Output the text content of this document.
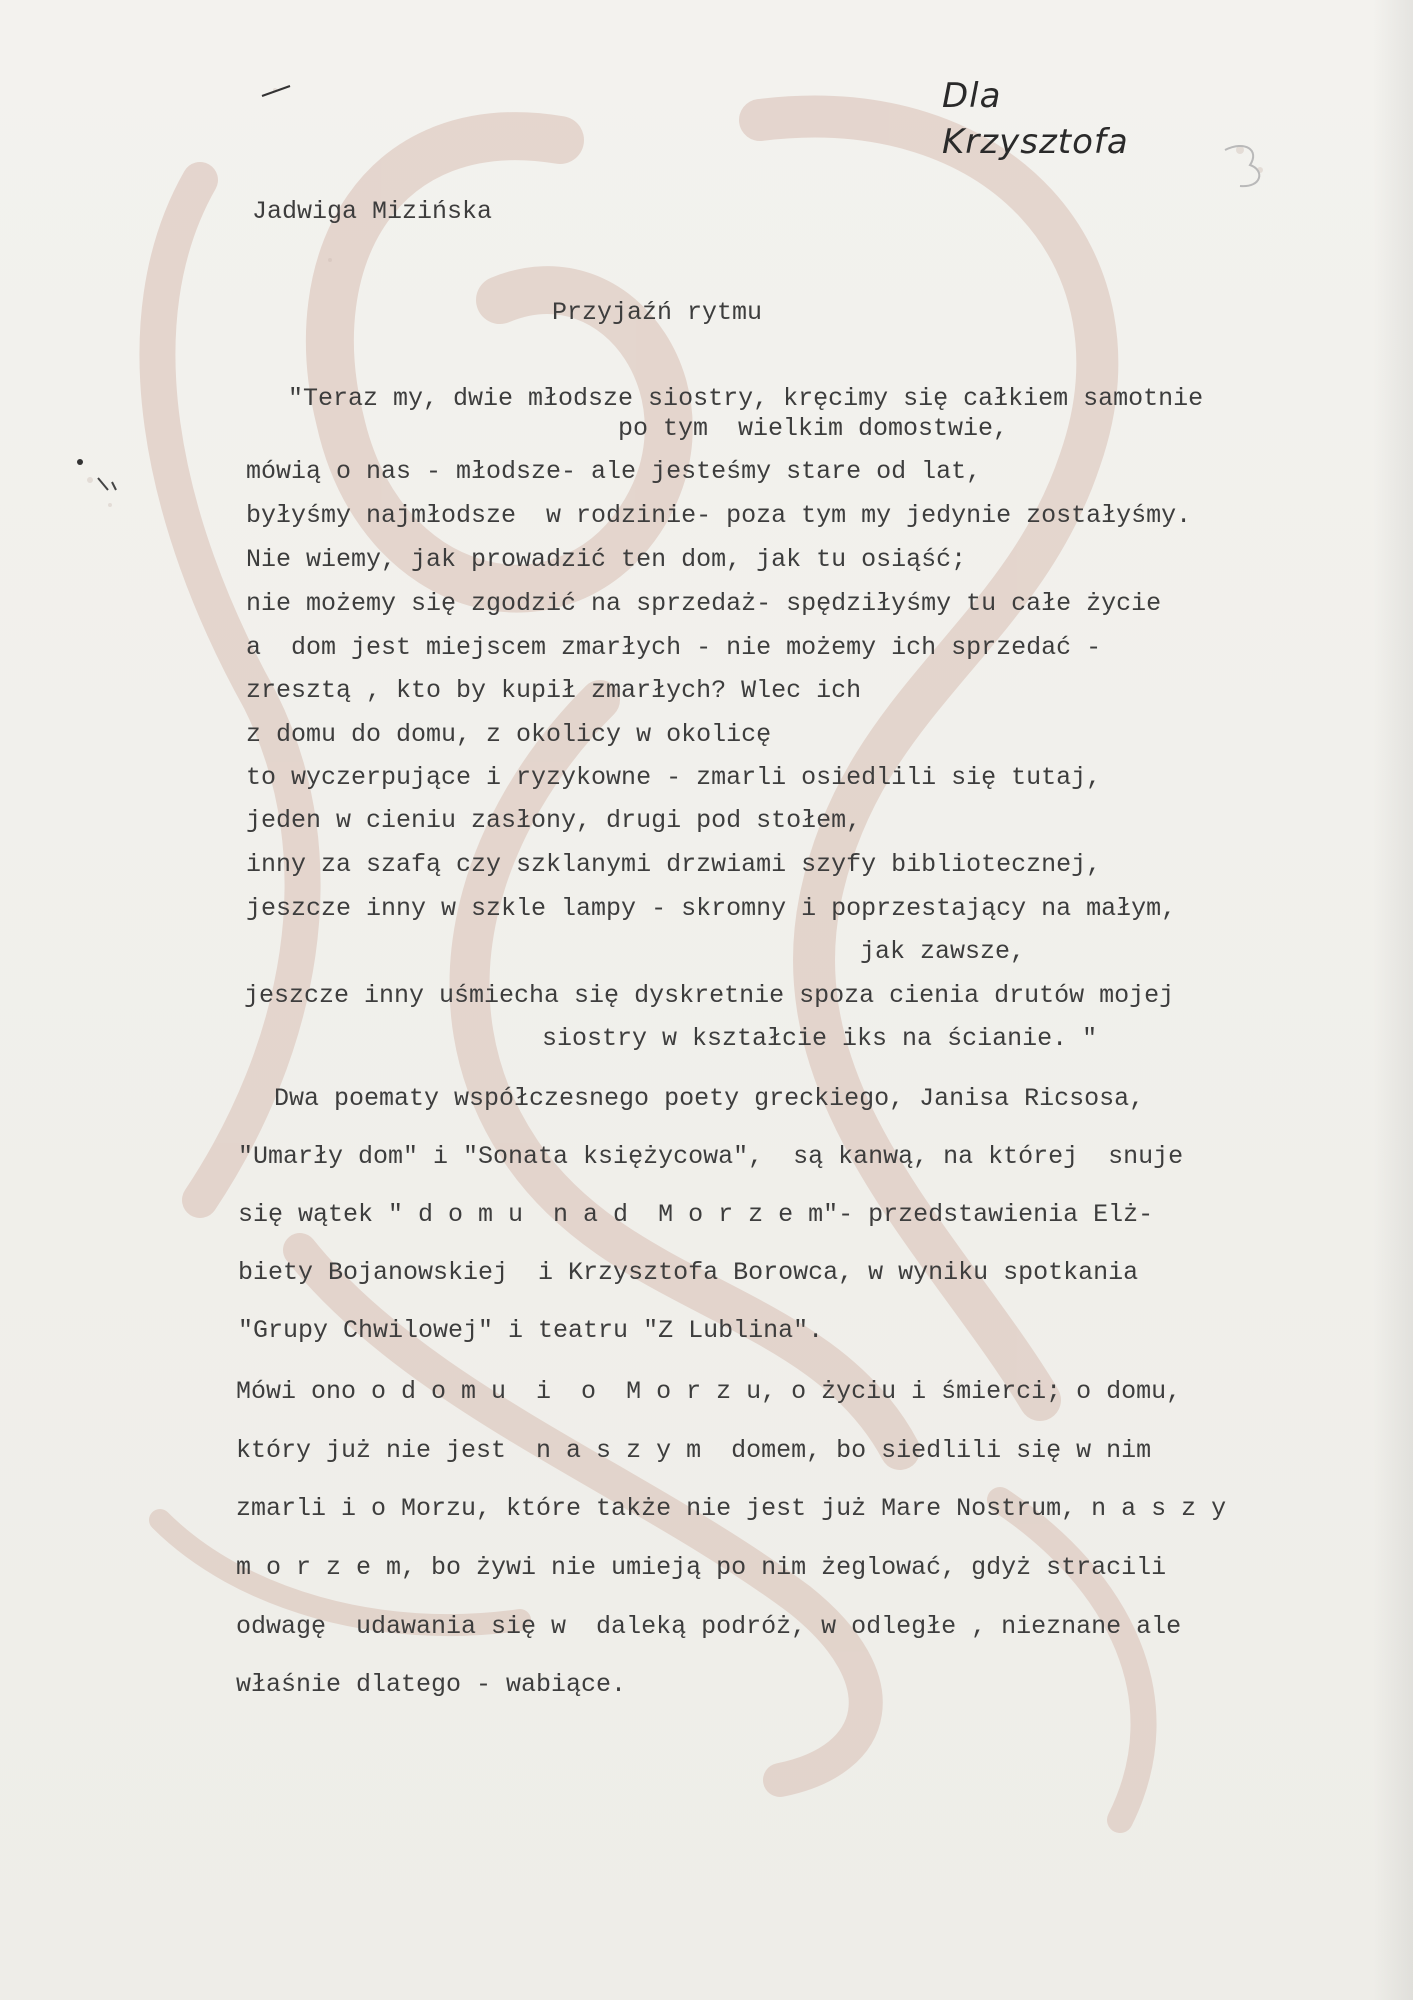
Dla
Krzysztofa
Jadwiga Mizińska
Przyjaźń rytmu
"Teraz my, dwie młodsze siostry, kręcimy się całkiem samotnie
po tym  wielkim domostwie,
mówią o nas - młodsze- ale jesteśmy stare od lat,
byłyśmy najmłodsze  w rodzinie- poza tym my jedynie zostałyśmy.
Nie wiemy, jak prowadzić ten dom, jak tu osiąść;
nie możemy się zgodzić na sprzedaż- spędziłyśmy tu całe życie
a  dom jest miejscem zmarłych - nie możemy ich sprzedać -
zresztą , kto by kupił zmarłych? Wlec ich
z domu do domu, z okolicy w okolicę
to wyczerpujące i ryzykowne - zmarli osiedlili się tutaj,
jeden w cieniu zasłony, drugi pod stołem,
inny za szafą czy szklanymi drzwiami szyfy bibliotecznej,
jeszcze inny w szkle lampy - skromny i poprzestający na małym,
jak zawsze,
jeszcze inny uśmiecha się dyskretnie spoza cienia drutów mojej
siostry w kształcie iks na ścianie. "
Dwa poematy współczesnego poety greckiego, Janisa Ricsosa,
"Umarły dom" i "Sonata księżycowa",  są kanwą, na której  snuje
się wątek " d o m u  n a d  M o r z e m"- przedstawienia Elż-
biety Bojanowskiej  i Krzysztofa Borowca, w wyniku spotkania
"Grupy Chwilowej" i teatru "Z Lublina".
Mówi ono o d o m u  i  o  M o r z u, o życiu i śmierci; o domu,
który już nie jest  n a s z y m  domem, bo siedlili się w nim
zmarli i o Morzu, które także nie jest już Mare Nostrum, n a s z y
m o r z e m, bo żywi nie umieją po nim żeglować, gdyż stracili
odwagę  udawania się w  daleką podróż, w odległe , nieznane ale
właśnie dlatego - wabiące.
